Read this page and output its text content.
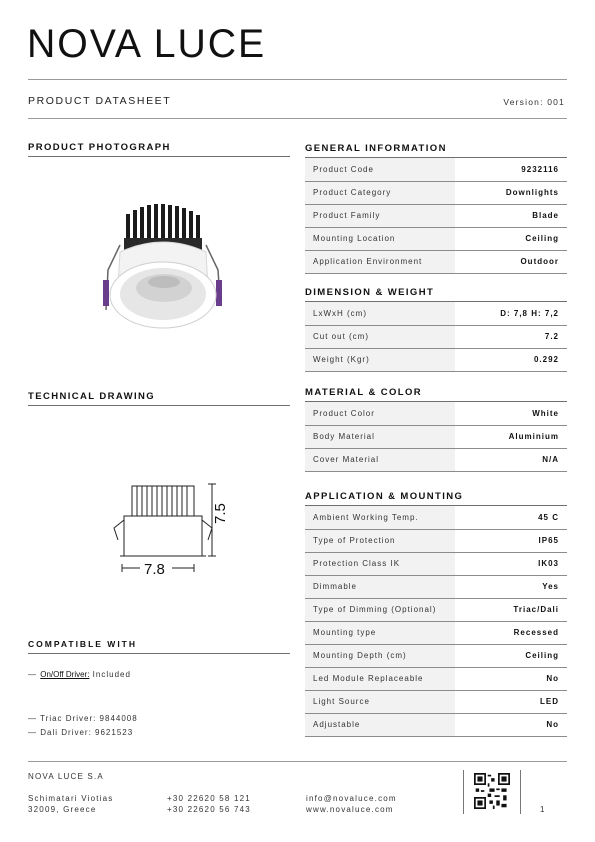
NOVA LUCE
PRODUCT DATASHEET	Version: 001
PRODUCT PHOTOGRAPH
TECHNICAL DRAWING
7.5
7.8
COMPATIBLE WITH
— On/Off Driver: Included
— Triac Driver: 9844008
— Dali Driver: 9621523
GENERAL INFORMATION
Product Code	9232116
Product Category	Downlights
Product Family	Blade
Mounting Location	Ceiling
Application Environment	Outdoor
DIMENSION & WEIGHT
LxWxH (cm)	D: 7,8 H: 7,2
Cut out (cm)	7.2
Weight (Kgr)	0.292
MATERIAL & COLOR
Product Color	White
Body Material	Aluminium
Cover Material	N/A
APPLICATION & MOUNTING
Ambient Working Temp.	45 C
Type of Protection	IP65
Protection Class IK	IK03
Dimmable	Yes
Type of Dimming (Optional)	Triac/Dali
Mounting type	Recessed
Mounting Depth (cm)	Ceiling
Led Module Replaceable	No
Light Source	LED
Adjustable	No
NOVA LUCE S.A
Schimatari Viotias
32009, Greece
+30 22620 58 121
+30 22620 56 743
info@novaluce.com
www.novaluce.com	1
